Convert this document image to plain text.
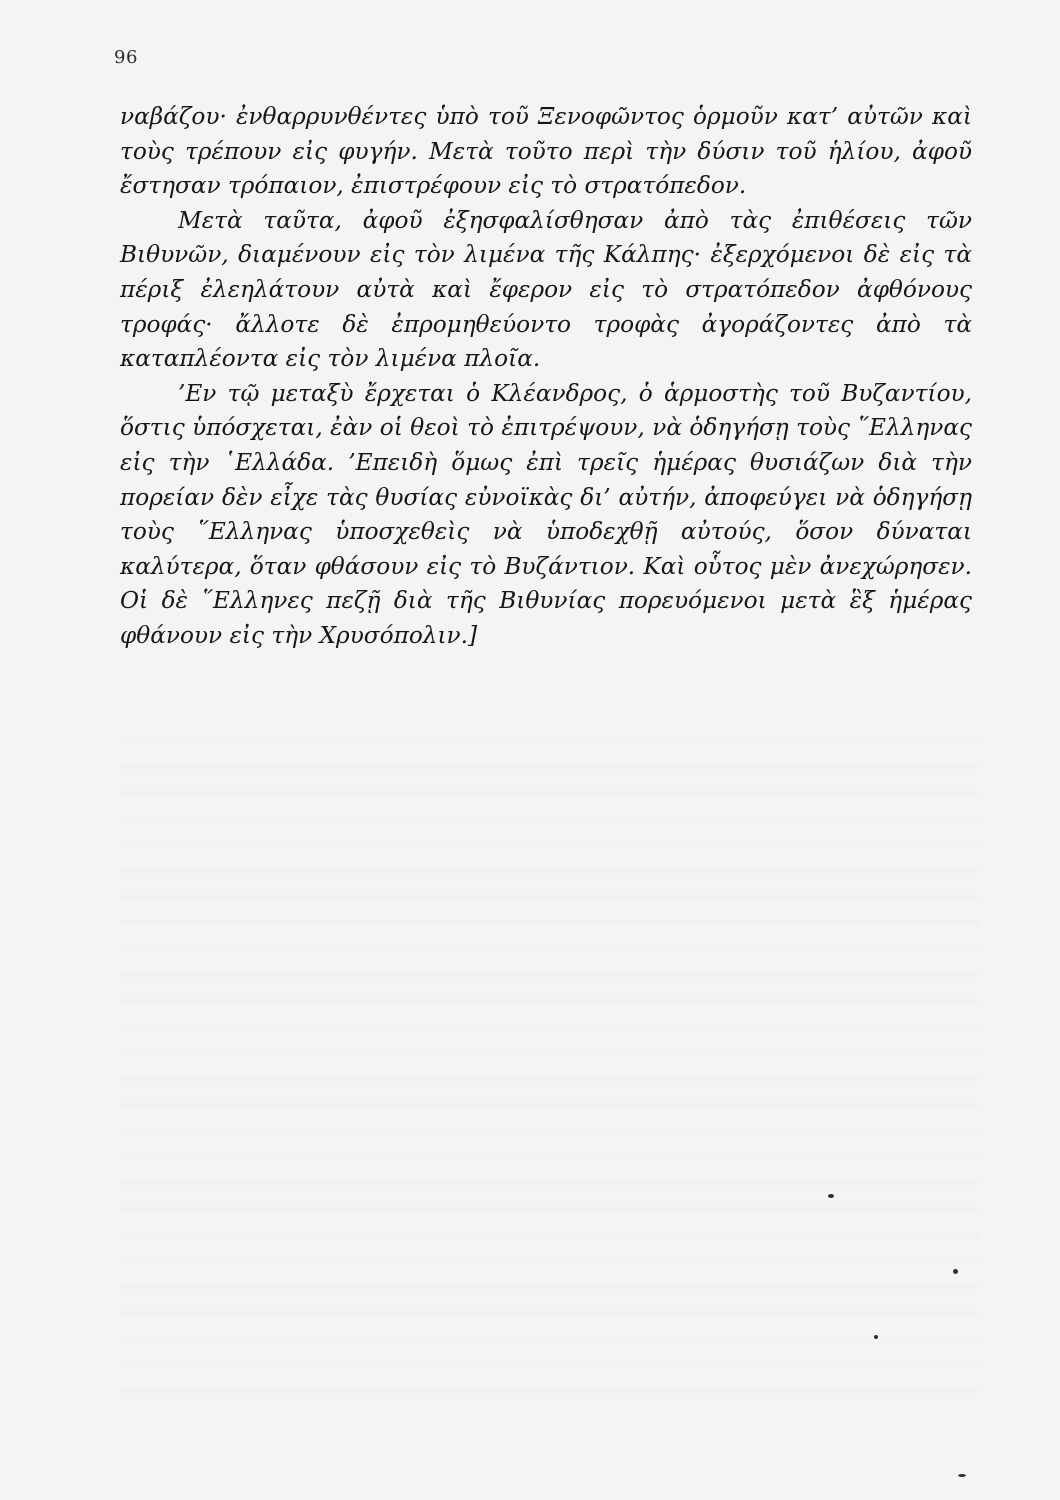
96

ναβάζου· ἐνθαρρυνθέντες ὑπὸ τοῦ Ξενοφῶντος ὁρμοῦν κατ’ αὐτῶν καὶ τοὺς τρέπουν εἰς φυγήν. Μετὰ τοῦτο περὶ τὴν δύσιν τοῦ ἡλίου, ἀφοῦ ἔστησαν τρόπαιον, ἐπιστρέφουν εἰς τὸ στρατόπεδον.

Μετὰ ταῦτα, ἀφοῦ ἐξησφαλίσθησαν ἀπὸ τὰς ἐπιθέσεις τῶν Βιθυνῶν, διαμένουν εἰς τὸν λιμένα τῆς Κάλπης· ἐξερχόμενοι δὲ εἰς τὰ πέριξ ἐλεηλάτουν αὐτὰ καὶ ἔφερον εἰς τὸ στρατόπεδον ἀφθόνους τροφάς· ἄλλοτε δὲ ἐπρομηθεύοντο τροφὰς ἀγοράζοντες ἀπὸ τὰ καταπλέοντα εἰς τὸν λιμένα πλοῖα.

’Εν τῷ μεταξὺ ἔρχεται ὁ Κλέανδρος, ὁ ἁρμοστὴς τοῦ Βυζαντίου, ὅστις ὑπόσχεται, ἐὰν οἱ θεοὶ τὸ ἐπιτρέψουν, νὰ ὁδηγήσῃ τοὺς ῞Ελληνας εἰς τὴν ῾Ελλάδα. ’Επειδὴ ὅμως ἐπὶ τρεῖς ἡμέρας θυσιάζων διὰ τὴν πορείαν δὲν εἶχε τὰς θυσίας εὐνοϊκὰς δι’ αὐτήν, ἀποφεύγει νὰ ὁδηγήσῃ τοὺς ῞Ελληνας ὑποσχεθεὶς νὰ ὑποδεχθῇ αὐτούς, ὅσον δύναται καλύτερα, ὅταν φθάσουν εἰς τὸ Βυζάντιον. Καὶ οὗτος μὲν ἀνεχώρησεν. Οἱ δὲ ῞Ελληνες πεζῇ διὰ τῆς Βιθυνίας πορευόμενοι μετὰ ἓξ ἡμέρας φθάνουν εἰς τὴν Χρυσόπολιν.]
